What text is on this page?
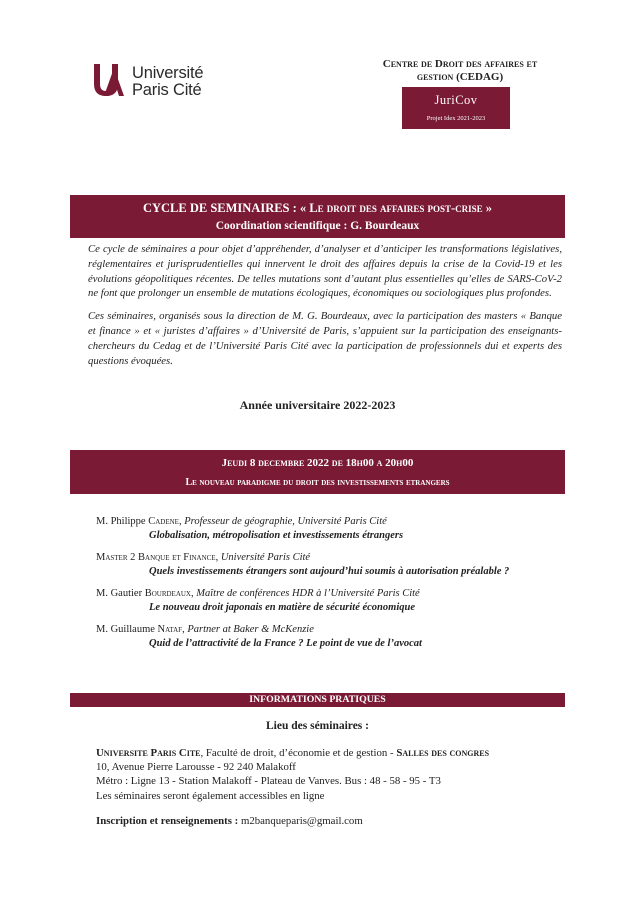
Université
Paris Cité
Centre de Droit des affaires et
gestion (CEDAG)
JuriCov
Projet Idex 2021-2023
CYCLE DE SEMINAIRES : « Le droit des affaires post-crise »
Coordination scientifique : G. Bourdeaux

Ce cycle de séminaires a pour objet d’appréhender, d’analyser et d’anticiper les transformations législatives, réglementaires et jurisprudentielles qui innervent le droit des affaires depuis la crise de la Covid-19 et les évolutions géopolitiques récentes. De telles mutations sont d’autant plus essentielles qu’elles de SARS-CoV-2 ne font que prolonger un ensemble de mutations écologiques, économiques ou sociologiques plus profondes.

Ces séminaires, organisés sous la direction de M. G. Bourdeaux, avec la participation des masters « Banque et finance » et « juristes d’affaires » d’Université de Paris, s’appuient sur la participation des enseignants-chercheurs du Cedag et de l’Université Paris Cité avec la participation de professionnels dui et experts des questions évoquées.

Année universitaire 2022-2023
Jeudi 8 decembre 2022 de 18h00 a 20h00
Le nouveau paradigme du droit des investissements etrangers
M. Philippe Cadene, Professeur de géographie, Université Paris Cité
Globalisation, métropolisation et investissements étrangers
Master 2 Banque et Finance, Université Paris Cité
Quels investissements étrangers sont aujourd’hui soumis à autorisation préalable ?
M. Gautier Bourdeaux, Maître de conférences HDR à l’Université Paris Cité
Le nouveau droit japonais en matière de sécurité économique
M. Guillaume Nataf, Partner at Baker & McKenzie
Quid de l’attractivité de la France ? Le point de vue de l’avocat
INFORMATIONS PRATIQUES
Lieu des séminaires :
Universite Paris Cite, Faculté de droit, d’économie et de gestion - Salles des congres
10, Avenue Pierre Larousse - 92 240 Malakoff
Métro : Ligne 13 - Station Malakoff - Plateau de Vanves. Bus : 48 - 58 - 95 - T3
Les séminaires seront également accessibles en ligne
Inscription et renseignements : m2banqueparis@gmail.com
